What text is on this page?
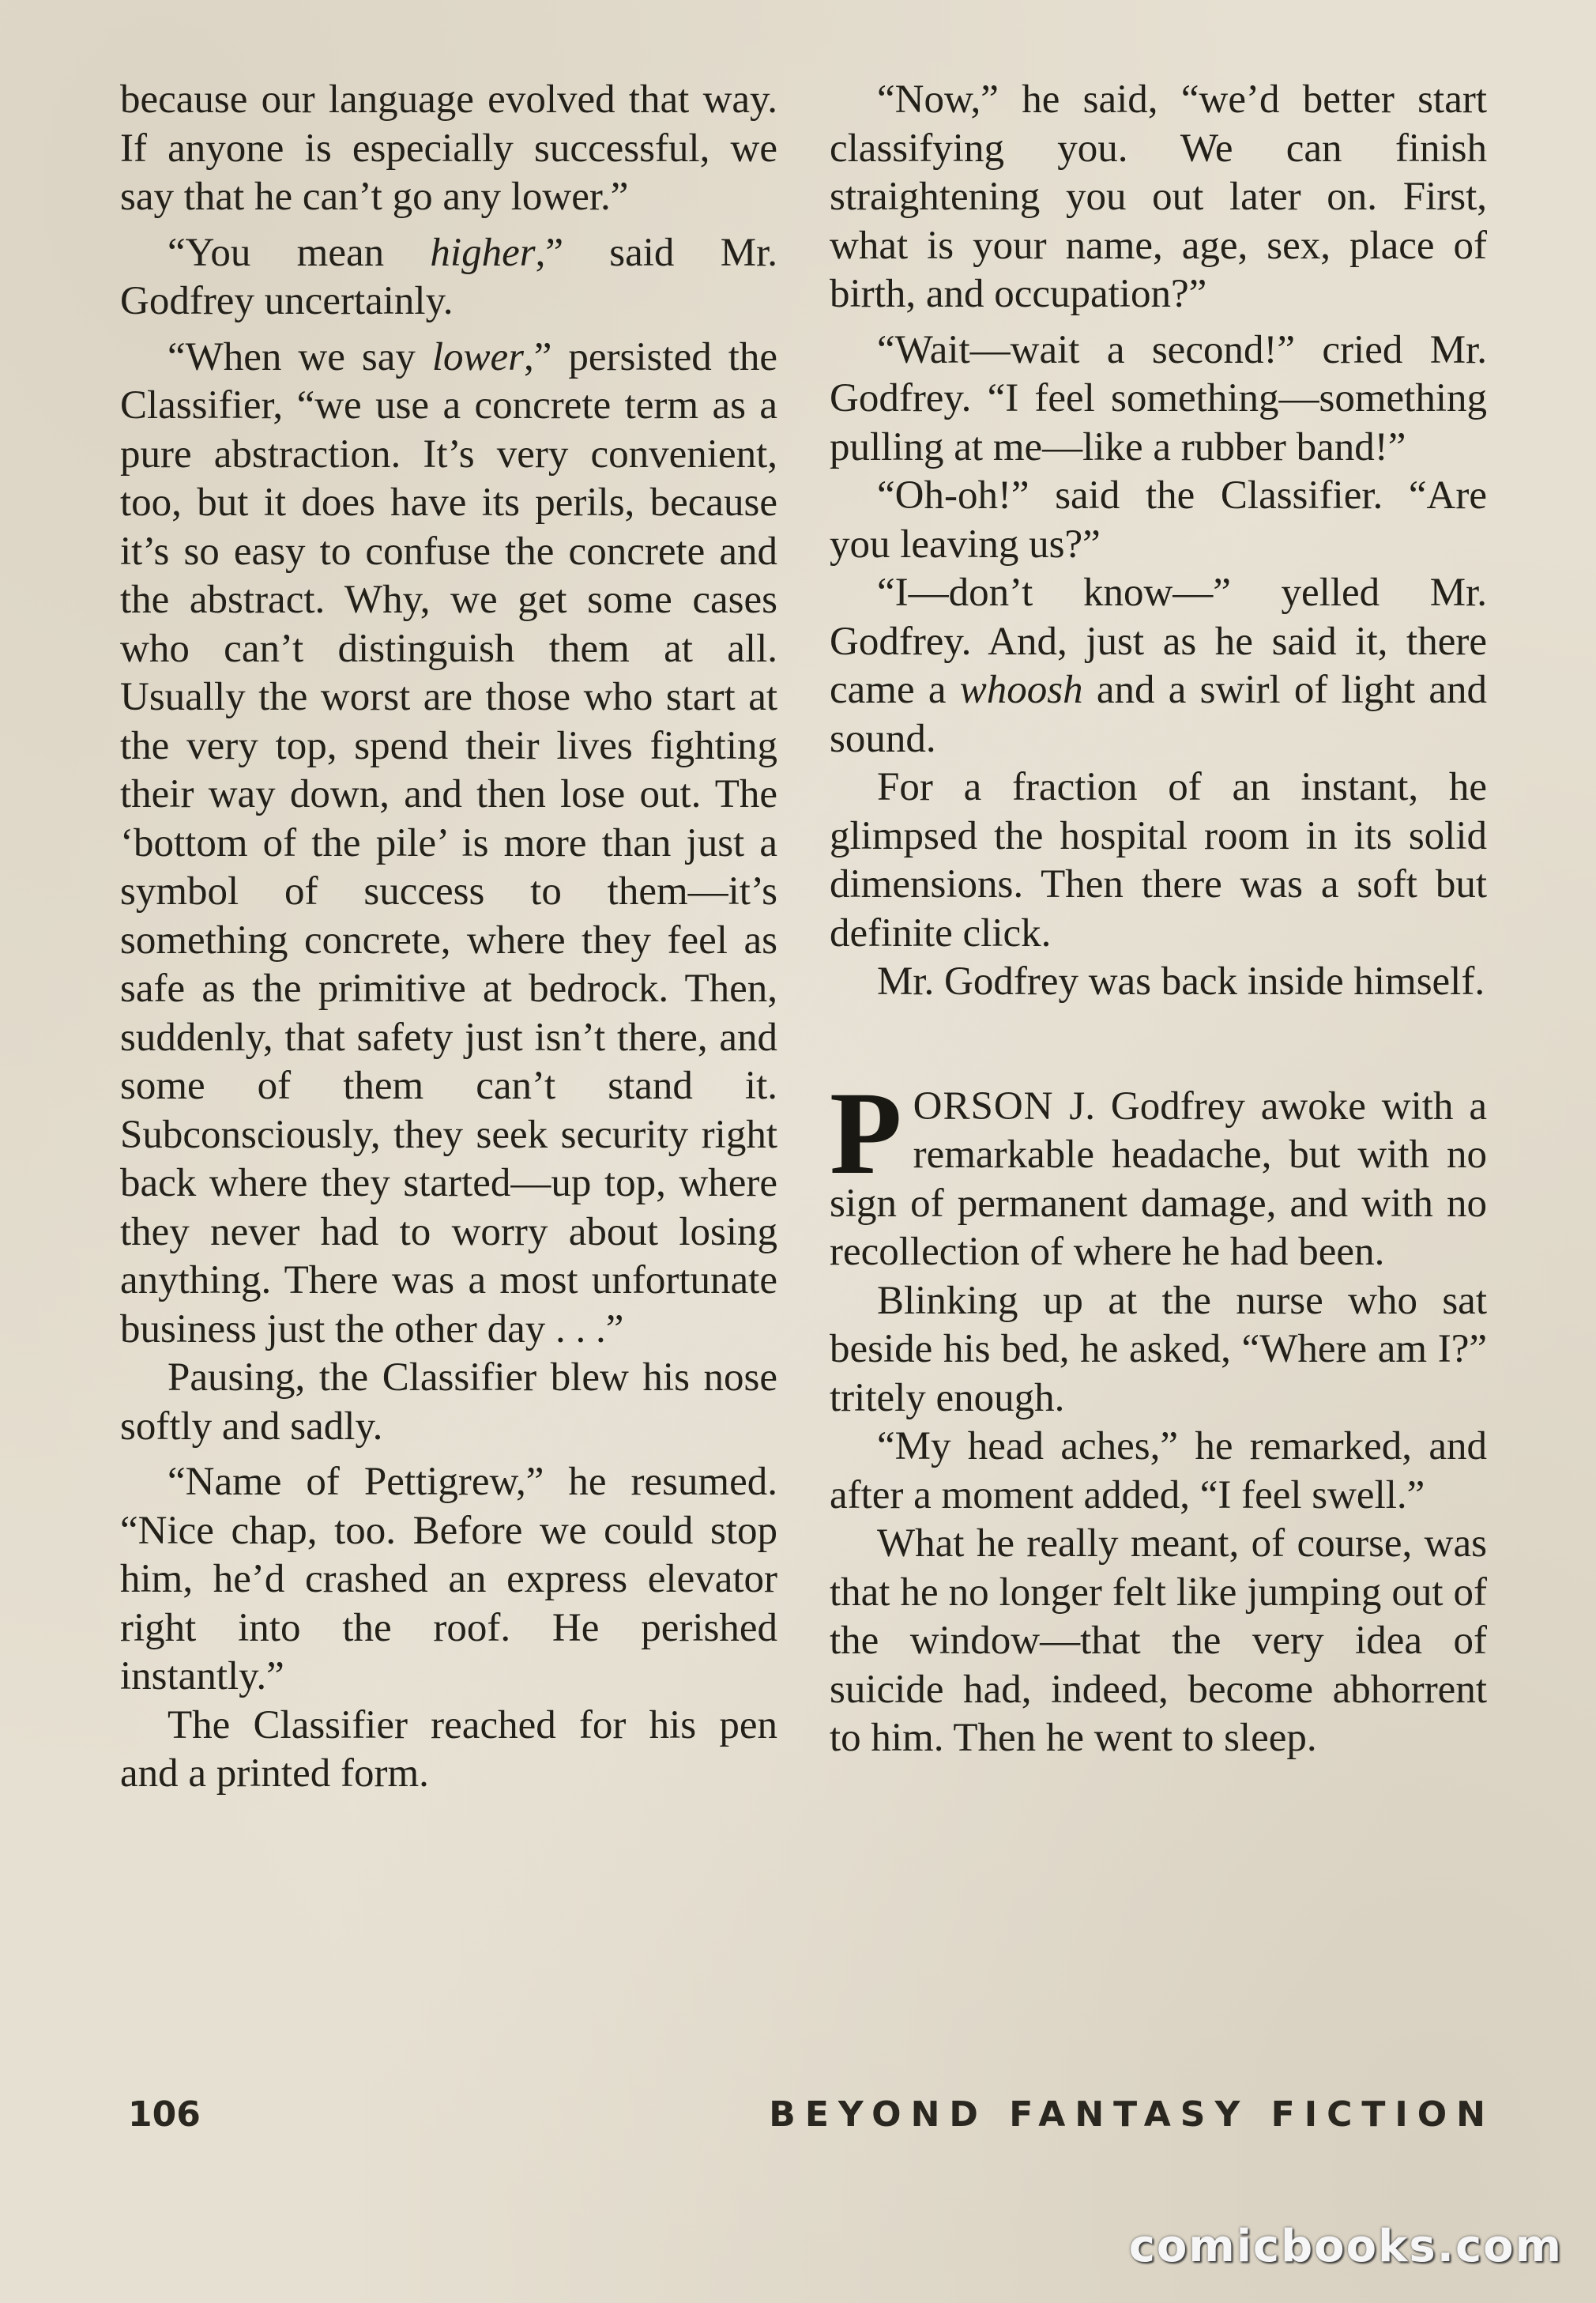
because our language evolved that way. If anyone is especially successful, we say that he can’t go any lower.”

“You mean higher,” said Mr. Godfrey uncertainly.

“When we say lower,” persisted the Classifier, “we use a concrete term as a pure abstraction. It’s very convenient, too, but it does have its perils, because it’s so easy to confuse the concrete and the abstract. Why, we get some cases who can’t distinguish them at all. Usually the worst are those who start at the very top, spend their lives fighting their way down, and then lose out. The ‘bottom of the pile’ is more than just a symbol of success to them—it’s something concrete, where they feel as safe as the primitive at bedrock. Then, suddenly, that safety just isn’t there, and some of them can’t stand it. Subconsciously, they seek security right back where they started—up top, where they never had to worry about losing anything. There was a most unfortunate business just the other day . . .”

Pausing, the Classifier blew his nose softly and sadly.

“Name of Pettigrew,” he resumed. “Nice chap, too. Before we could stop him, he’d crashed an express elevator right into the roof. He perished instantly.”

The Classifier reached for his pen and a printed form.

“Now,” he said, “we’d better start classifying you. We can finish straightening you out later on. First, what is your name, age, sex, place of birth, and occupation?”

“Wait—wait a second!” cried Mr. Godfrey. “I feel something—something pulling at me—like a rubber band!”

“Oh-oh!” said the Classifier. “Are you leaving us?”

“I—don’t know—” yelled Mr. Godfrey. And, just as he said it, there came a whoosh and a swirl of light and sound.

For a fraction of an instant, he glimpsed the hospital room in its solid dimensions. Then there was a soft but definite click.

Mr. Godfrey was back inside himself.

PORSON J. Godfrey awoke with a remarkable headache, but with no sign of permanent damage, and with no recollection of where he had been.

Blinking up at the nurse who sat beside his bed, he asked, “Where am I?” tritely enough.

“My head aches,” he remarked, and after a moment added, “I feel swell.”

What he really meant, of course, was that he no longer felt like jumping out of the window—that the very idea of suicide had, indeed, become abhorrent to him. Then he went to sleep.

106	BEYOND FANTASY FICTION
comicbooks.com
